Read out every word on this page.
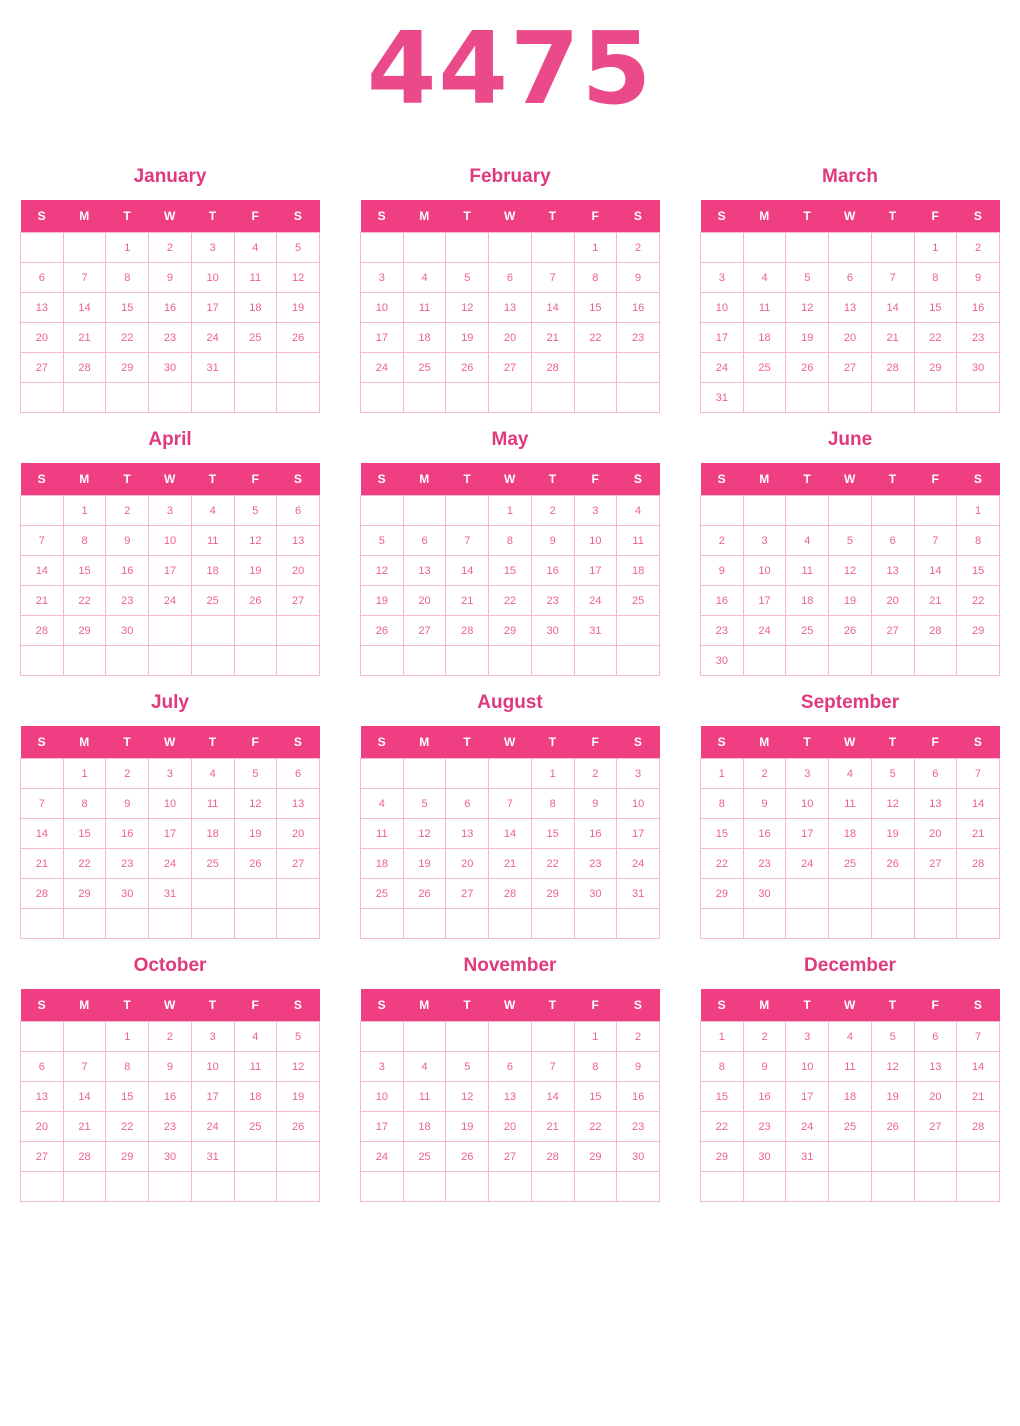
4475
January
S	M	T	W	T	F	S
		1	2	3	4	5
6	7	8	9	10	11	12
13	14	15	16	17	18	19
20	21	22	23	24	25	26
27	28	29	30	31		

February
S	M	T	W	T	F	S
					1	2
3	4	5	6	7	8	9
10	11	12	13	14	15	16
17	18	19	20	21	22	23
24	25	26	27	28		

March
S	M	T	W	T	F	S
					1	2
3	4	5	6	7	8	9
10	11	12	13	14	15	16
17	18	19	20	21	22	23
24	25	26	27	28	29	30
31						
April
S	M	T	W	T	F	S
	1	2	3	4	5	6
7	8	9	10	11	12	13
14	15	16	17	18	19	20
21	22	23	24	25	26	27
28	29	30				

May
S	M	T	W	T	F	S
			1	2	3	4
5	6	7	8	9	10	11
12	13	14	15	16	17	18
19	20	21	22	23	24	25
26	27	28	29	30	31	

June
S	M	T	W	T	F	S
						1
2	3	4	5	6	7	8
9	10	11	12	13	14	15
16	17	18	19	20	21	22
23	24	25	26	27	28	29
30						
July
S	M	T	W	T	F	S
	1	2	3	4	5	6
7	8	9	10	11	12	13
14	15	16	17	18	19	20
21	22	23	24	25	26	27
28	29	30	31			

August
S	M	T	W	T	F	S
				1	2	3
4	5	6	7	8	9	10
11	12	13	14	15	16	17
18	19	20	21	22	23	24
25	26	27	28	29	30	31

September
S	M	T	W	T	F	S
1	2	3	4	5	6	7
8	9	10	11	12	13	14
15	16	17	18	19	20	21
22	23	24	25	26	27	28
29	30					

October
S	M	T	W	T	F	S
		1	2	3	4	5
6	7	8	9	10	11	12
13	14	15	16	17	18	19
20	21	22	23	24	25	26
27	28	29	30	31		

November
S	M	T	W	T	F	S
					1	2
3	4	5	6	7	8	9
10	11	12	13	14	15	16
17	18	19	20	21	22	23
24	25	26	27	28	29	30

December
S	M	T	W	T	F	S
1	2	3	4	5	6	7
8	9	10	11	12	13	14
15	16	17	18	19	20	21
22	23	24	25	26	27	28
29	30	31				
